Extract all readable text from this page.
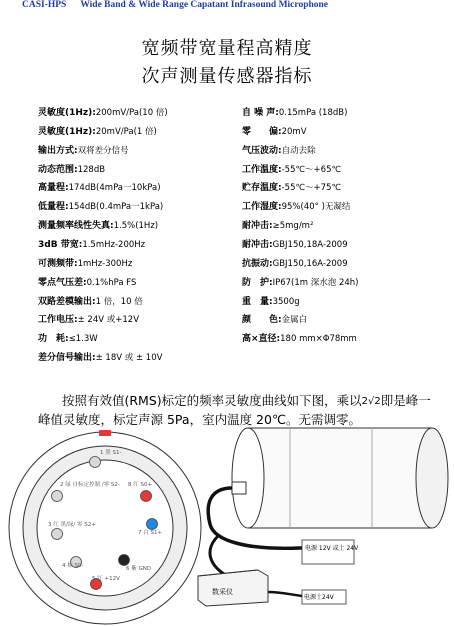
CASI-HPS Wide Band & Wide Range Capatant Infrasound Microphone
宽频带宽量程高精度
次声测量传感器指标
灵敏度(1Hz):200mV/Pa(10 倍)
灵敏度(1Hz):20mV/Pa(1 倍)
输出方式:双将差分信号
动态范围:128dB
高量程:174dB(4mPa一10kPa)
低量程:154dB(0.4mPa一1kPa)
测量频率线性失真:1.5%(1Hz)
3dB 带宽:1.5mHz-200Hz
可测频带:1mHz-300Hz
零点气压差:0.1%hPa FS
双路差模输出:1 倍，10 倍
工作电压:± 24V 或+12V
功　耗:≤1.3W
差分信号输出:± 18V 或 ± 10V
自 噪 声:0.15mPa (18dB)
零　　偏:20mV
气压波动:自动去除
工作温度:-55℃～+65℃
贮存温度:-55℃～+75℃
工作湿度:95%(40° )无凝结
耐冲击:≥5mg/m²
耐冲击:GBJ150,18A-2009
抗振动:GBJ150,16A-2009
防　护:IP67(1m 深水泡 24h)
重　量:3500g
颜　　色:金属白
高×直径:180 mm×Φ78mm
按照有效值(RMS)标定的频率灵敏度曲线如下图，乘以2√2即是峰一峰值灵敏度，标定声源 5Pa，室内温度 20℃。无需调零。
1 黑 S1-
2 绿 自标定控制 /零 S2- 8 红 S0+
3 红 黑/绿/ 零 S2+
7 白 S1+
4 棕 S0-	6 紫 GND
5 红 +12V
电源 12V 或土 24V
数采仪
电源土24V
